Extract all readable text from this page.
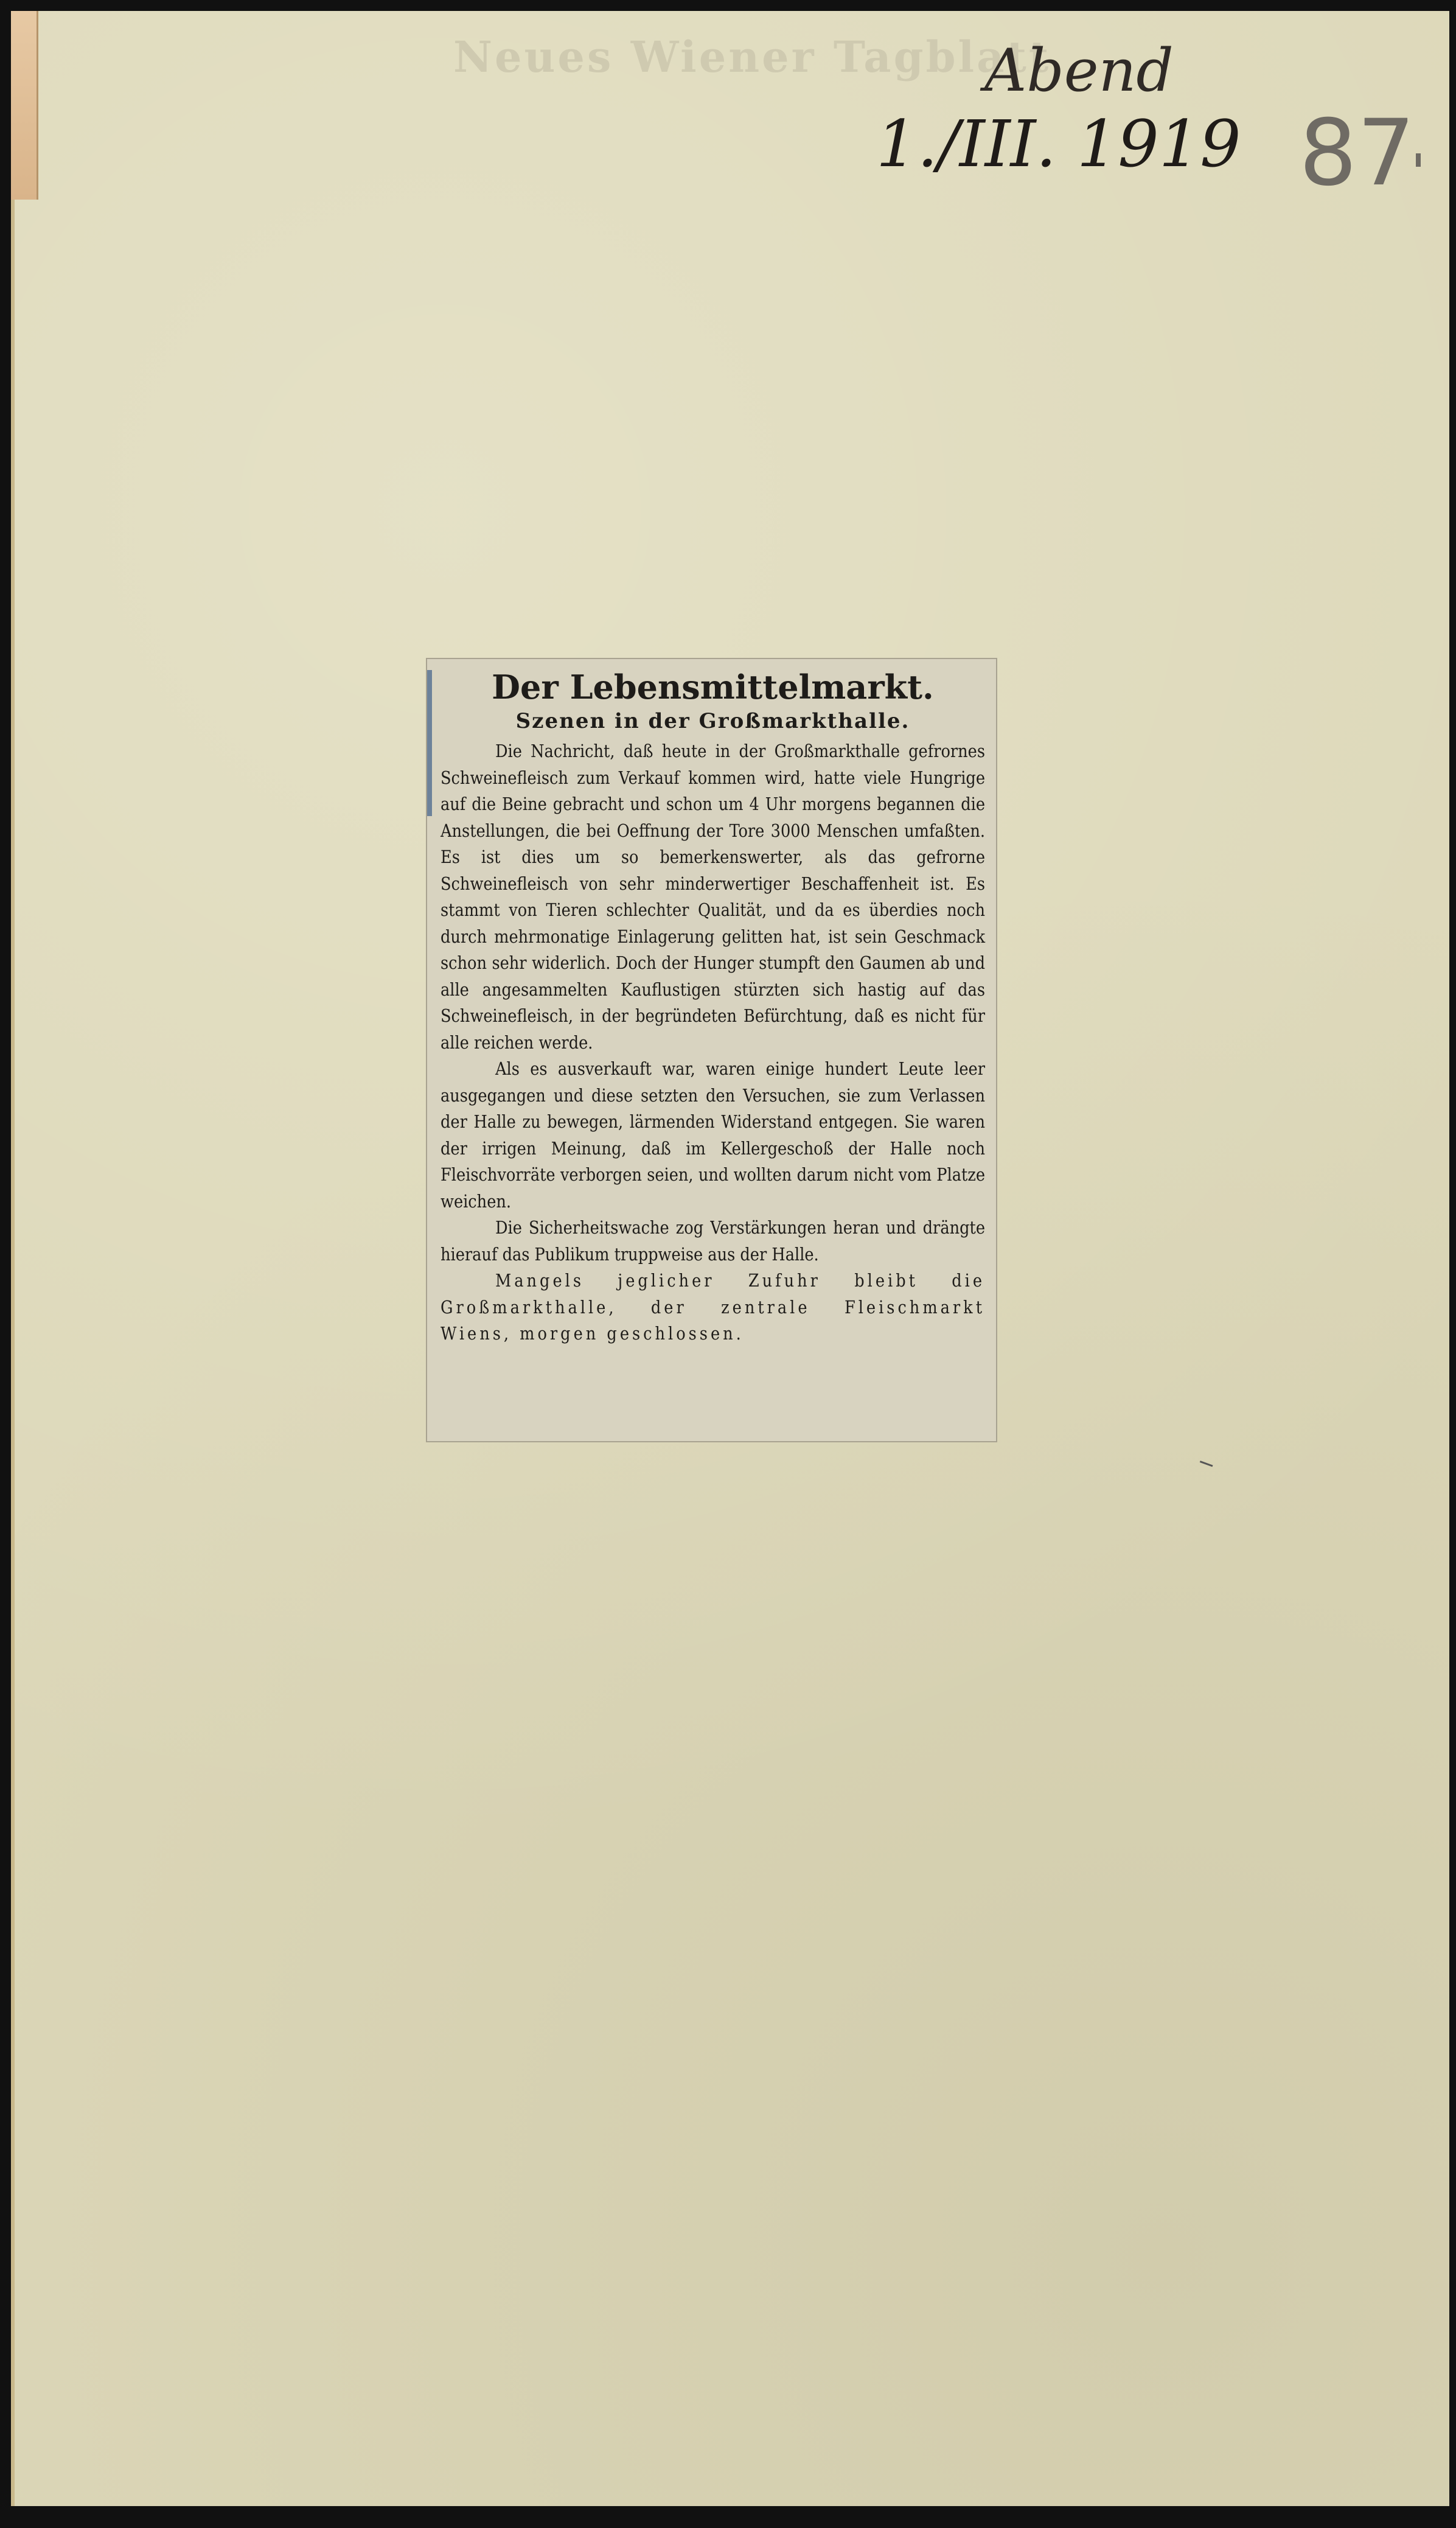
Neues Wiener Tagblatt
Abend
1./III. 1919 87
Der Lebensmittelmarkt.
Szenen in der Großmarkthalle.

Die Nachricht, daß heute in der Großmarkthalle gefrornes Schweinefleisch zum Verkauf kommen wird, hatte viele Hungrige auf die Beine gebracht und schon um 4 Uhr morgens begannen die Anstellungen, die bei Oeffnung der Tore 3000 Menschen umfaßten. Es ist dies um so bemerkenswerter, als das gefrorne Schweinefleisch von sehr minderwertiger Beschaffenheit ist. Es stammt von Tieren schlechter Qualität, und da es überdies noch durch mehrmonatige Einlagerung gelitten hat, ist sein Geschmack schon sehr widerlich. Doch der Hunger stumpft den Gaumen ab und alle angesammelten Kauflustigen stürzten sich hastig auf das Schweinefleisch, in der begründeten Befürchtung, daß es nicht für alle reichen werde.

Als es ausverkauft war, waren einige hundert Leute leer ausgegangen und diese setzten den Versuchen, sie zum Verlassen der Halle zu bewegen, lärmenden Widerstand entgegen. Sie waren der irrigen Meinung, daß im Kellergeschoß der Halle noch Fleischvorräte verborgen seien, und wollten darum nicht vom Platze weichen.

Die Sicherheitswache zog Verstärkungen heran und drängte hierauf das Publikum truppweise aus der Halle.

Mangels jeglicher Zufuhr bleibt die Großmarkthalle, der zentrale Fleischmarkt Wiens, morgen geschlossen.
